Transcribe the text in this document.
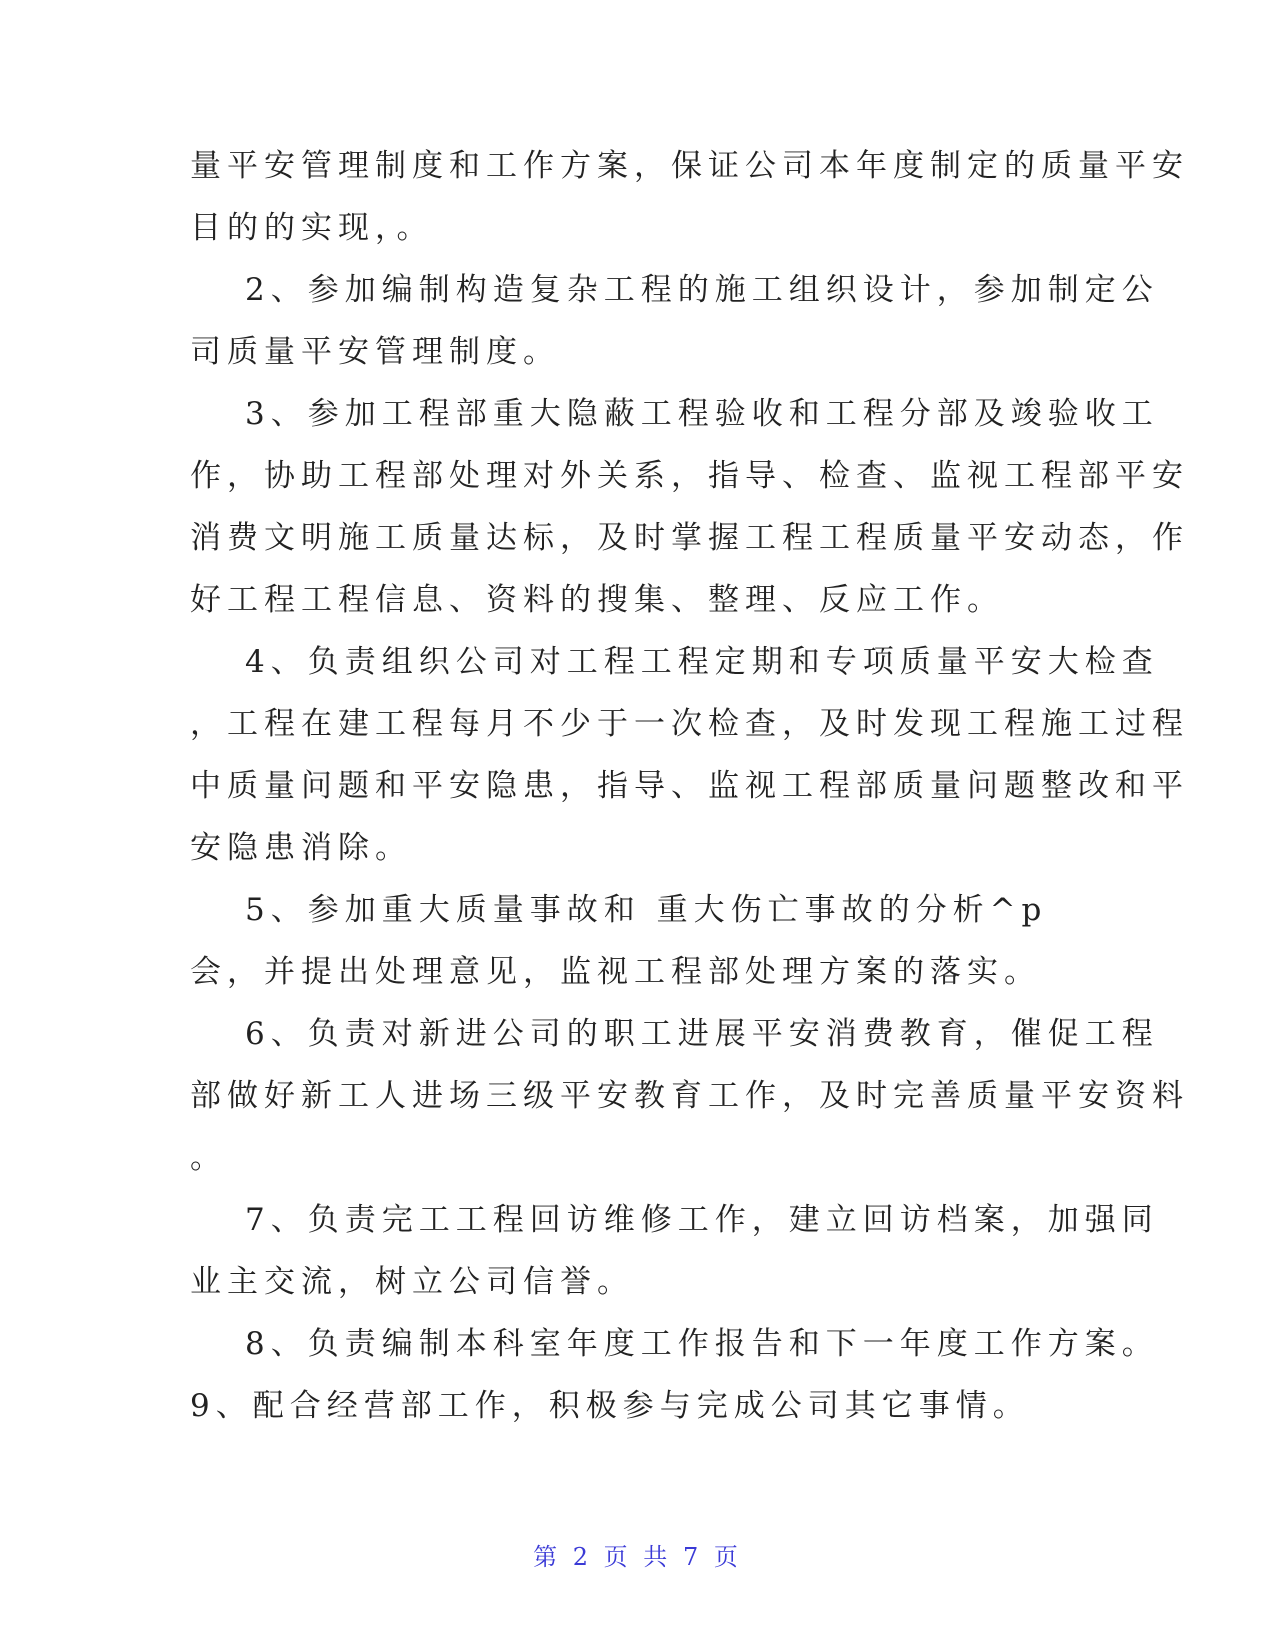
量平安管理制度和工作方案，保证公司本年度制定的质量平安
目的的实现，。
2、参加编制构造复杂工程的施工组织设计，参加制定公
司质量平安管理制度。
3、参加工程部重大隐蔽工程验收和工程分部及竣验收工
作，协助工程部处理对外关系，指导、检查、监视工程部平安
消费文明施工质量达标，及时掌握工程工程质量平安动态，作
好工程工程信息、资料的搜集、整理、反应工作。
4、负责组织公司对工程工程定期和专项质量平安大检查
，工程在建工程每月不少于一次检查，及时发现工程施工过程
中质量问题和平安隐患，指导、监视工程部质量问题整改和平
安隐患消除。
5、参加重大质量事故和 重大伤亡事故的分析^p
会，并提出处理意见，监视工程部处理方案的落实。
6、负责对新进公司的职工进展平安消费教育，催促工程
部做好新工人进场三级平安教育工作，及时完善质量平安资料
。
7、负责完工工程回访维修工作，建立回访档案，加强同
业主交流，树立公司信誉。
8、负责编制本科室年度工作报告和下一年度工作方案。
9、配合经营部工作，积极参与完成公司其它事情。
第 2 页 共 7 页
